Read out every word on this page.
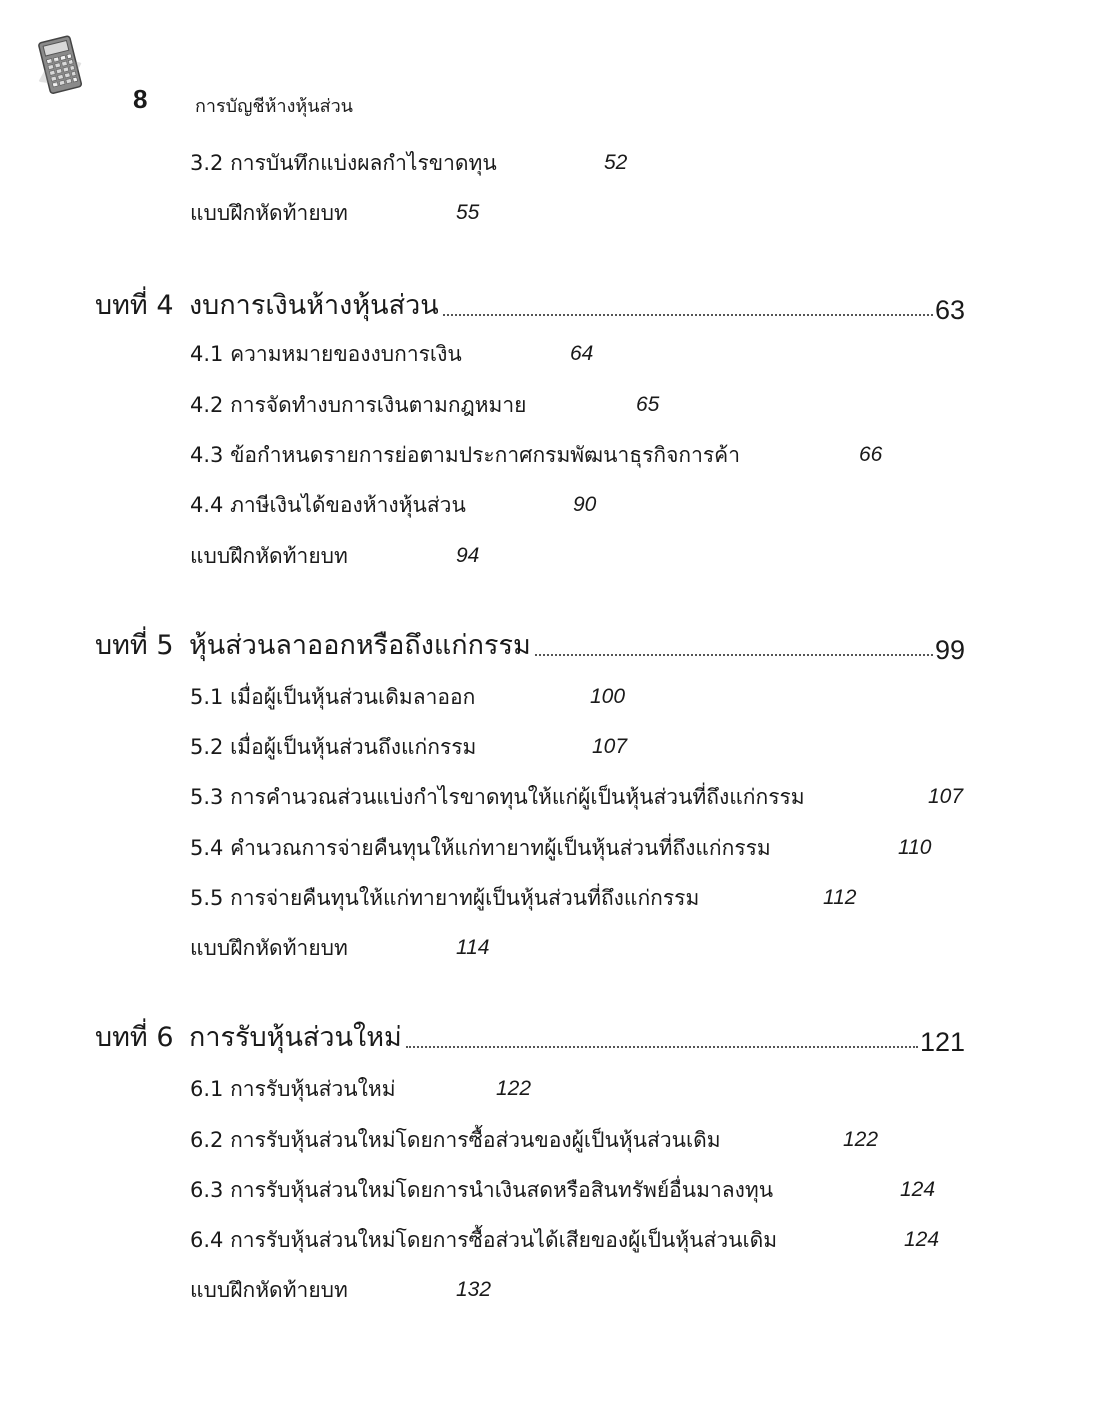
8	การบัญชีห้างหุ้นส่วน
3.2 การบันทึกแบ่งผลกำไรขาดทุน	52
แบบฝึกหัดท้ายบท	55
บทที่ 4 งบการเงินห้างหุ้นส่วน	63
4.1 ความหมายของงบการเงิน	64
4.2 การจัดทำงบการเงินตามกฎหมาย	65
4.3 ข้อกำหนดรายการย่อตามประกาศกรมพัฒนาธุรกิจการค้า	66
4.4 ภาษีเงินได้ของห้างหุ้นส่วน	90
แบบฝึกหัดท้ายบท	94
บทที่ 5 หุ้นส่วนลาออกหรือถึงแก่กรรม	99
5.1 เมื่อผู้เป็นหุ้นส่วนเดิมลาออก	100
5.2 เมื่อผู้เป็นหุ้นส่วนถึงแก่กรรม	107
5.3 การคำนวณส่วนแบ่งกำไรขาดทุนให้แก่ผู้เป็นหุ้นส่วนที่ถึงแก่กรรม	107
5.4 คำนวณการจ่ายคืนทุนให้แก่ทายาทผู้เป็นหุ้นส่วนที่ถึงแก่กรรม	110
5.5 การจ่ายคืนทุนให้แก่ทายาทผู้เป็นหุ้นส่วนที่ถึงแก่กรรม	112
แบบฝึกหัดท้ายบท	114
บทที่ 6 การรับหุ้นส่วนใหม่	121
6.1 การรับหุ้นส่วนใหม่	122
6.2 การรับหุ้นส่วนใหม่โดยการซื้อส่วนของผู้เป็นหุ้นส่วนเดิม	122
6.3 การรับหุ้นส่วนใหม่โดยการนำเงินสดหรือสินทรัพย์อื่นมาลงทุน	124
6.4 การรับหุ้นส่วนใหม่โดยการซื้อส่วนได้เสียของผู้เป็นหุ้นส่วนเดิม	124
แบบฝึกหัดท้ายบท	132
